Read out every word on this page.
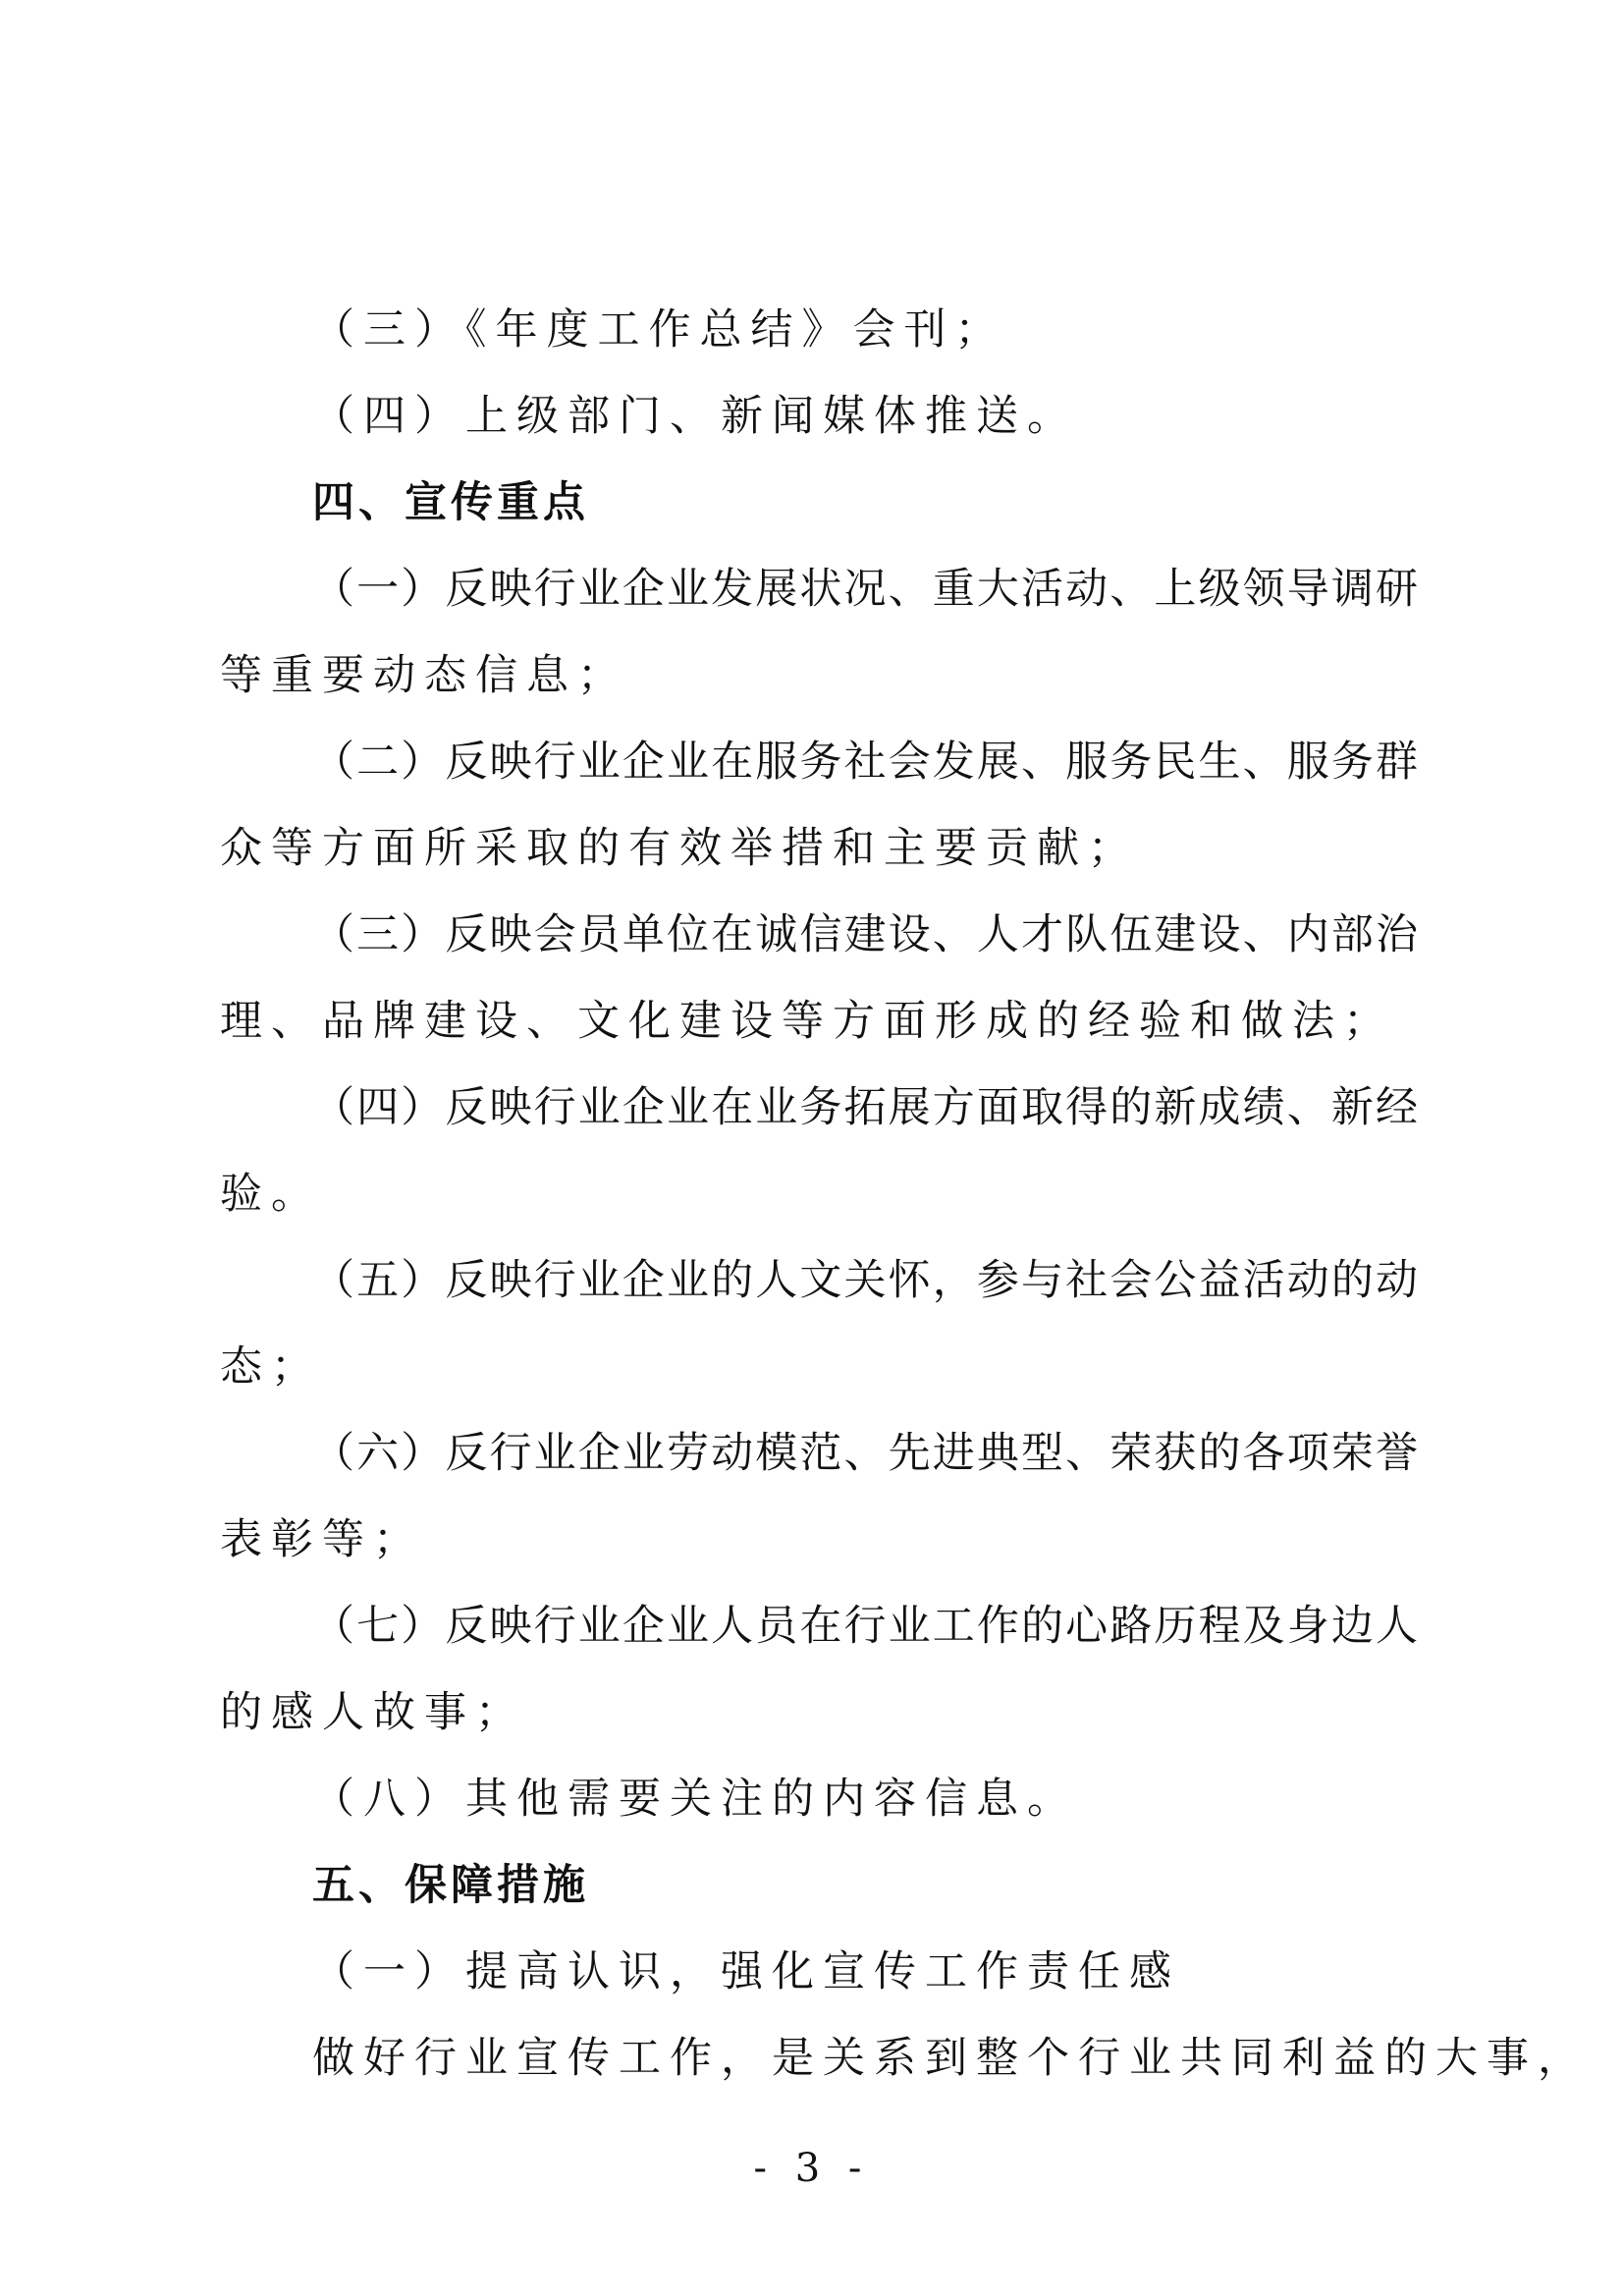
（三）《年度工作总结》会刊；
（四）上级部门、新闻媒体推送。
四、宣传重点
（一）反映行业企业发展状况、重大活动、上级领导调研
等重要动态信息；
（二）反映行业企业在服务社会发展、服务民生、服务群
众等方面所采取的有效举措和主要贡献；
（三）反映会员单位在诚信建设、人才队伍建设、内部治
理、品牌建设、文化建设等方面形成的经验和做法；
（四）反映行业企业在业务拓展方面取得的新成绩、新经
验。
（五）反映行业企业的人文关怀，参与社会公益活动的动
态；
（六）反行业企业劳动模范、先进典型、荣获的各项荣誉
表彰等；
（七）反映行业企业人员在行业工作的心路历程及身边人
的感人故事；
（八）其他需要关注的内容信息。
五、保障措施
（一）提高认识，强化宣传工作责任感
做好行业宣传工作，是关系到整个行业共同利益的大事，
- 3 -
